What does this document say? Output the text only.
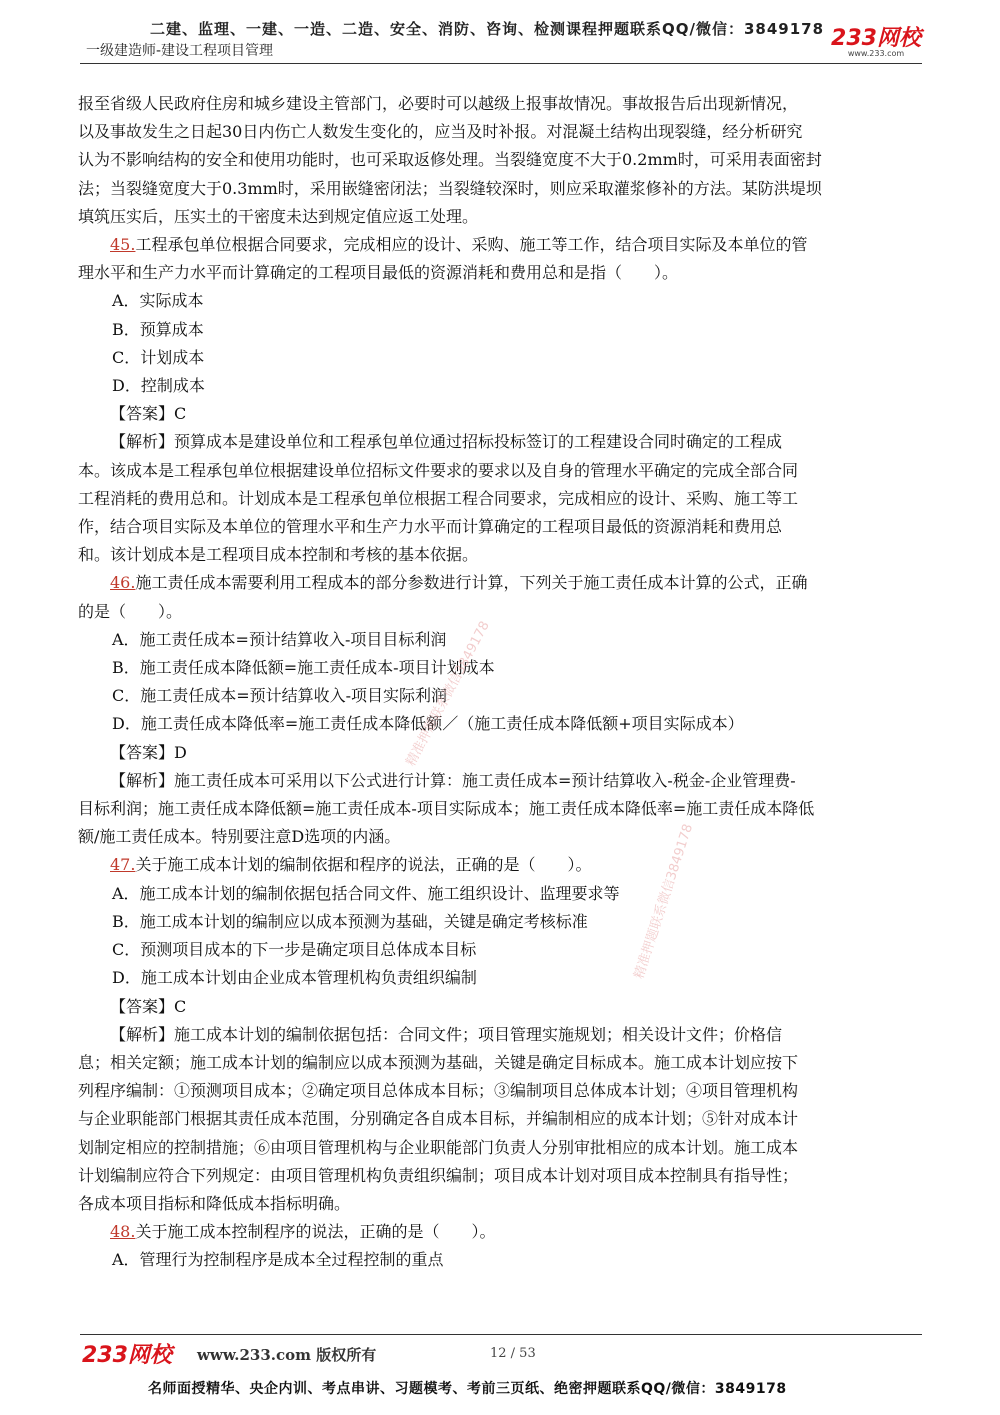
二建、监理、一建、一造、二造、安全、消防、咨询、检测课程押题联系QQ/微信：3849178
一级建造师-建设工程项目管理	233网校
www.233.com

报至省级人民政府住房和城乡建设主管部门，必要时可以越级上报事故情况。事故报告后出现新情况，

以及事故发生之日起30日内伤亡人数发生变化的，应当及时补报。对混凝土结构出现裂缝，经分析研究

认为不影响结构的安全和使用功能时，也可采取返修处理。当裂缝宽度不大于0.2mm时，可采用表面密封

法；当裂缝宽度大于0.3mm时，采用嵌缝密闭法；当裂缝较深时，则应采取灌浆修补的方法。某防洪堤坝

填筑压实后，压实土的干密度未达到规定值应返工处理。

45.工程承包单位根据合同要求，完成相应的设计、采购、施工等工作，结合项目实际及本单位的管

理水平和生产力水平而计算确定的工程项目最低的资源消耗和费用总和是指（　　）。

A．实际成本

B．预算成本

C．计划成本

D．控制成本

【答案】C

【解析】预算成本是建设单位和工程承包单位通过招标投标签订的工程建设合同时确定的工程成

本。该成本是工程承包单位根据建设单位招标文件要求的要求以及自身的管理水平确定的完成全部合同

工程消耗的费用总和。计划成本是工程承包单位根据工程合同要求，完成相应的设计、采购、施工等工

作，结合项目实际及本单位的管理水平和生产力水平而计算确定的工程项目最低的资源消耗和费用总

和。该计划成本是工程项目成本控制和考核的基本依据。

46.施工责任成本需要利用工程成本的部分参数进行计算，下列关于施工责任成本计算的公式，正确

的是（　　）。

A．施工责任成本=预计结算收入-项目目标利润

B．施工责任成本降低额=施工责任成本-项目计划成本

C．施工责任成本=预计结算收入-项目实际利润

D．施工责任成本降低率=施工责任成本降低额／（施工责任成本降低额+项目实际成本）

【答案】D

【解析】施工责任成本可采用以下公式进行计算：施工责任成本=预计结算收入-税金-企业管理费-

目标利润；施工责任成本降低额=施工责任成本-项目实际成本；施工责任成本降低率=施工责任成本降低

额/施工责任成本。特别要注意D选项的内涵。

47.关于施工成本计划的编制依据和程序的说法，正确的是（　　）。

A．施工成本计划的编制依据包括合同文件、施工组织设计、监理要求等

B．施工成本计划的编制应以成本预测为基础，关键是确定考核标准

C．预测项目成本的下一步是确定项目总体成本目标

D．施工成本计划由企业成本管理机构负责组织编制

【答案】C

【解析】施工成本计划的编制依据包括：合同文件；项目管理实施规划；相关设计文件；价格信

息；相关定额；施工成本计划的编制应以成本预测为基础，关键是确定目标成本。施工成本计划应按下

列程序编制：①预测项目成本；②确定项目总体成本目标；③编制项目总体成本计划；④项目管理机构

与企业职能部门根据其责任成本范围，分别确定各自成本目标，并编制相应的成本计划；⑤针对成本计

划制定相应的控制措施；⑥由项目管理机构与企业职能部门负责人分别审批相应的成本计划。施工成本

计划编制应符合下列规定：由项目管理机构负责组织编制；项目成本计划对项目成本控制具有指导性；

各成本项目指标和降低成本指标明确。

48.关于施工成本控制程序的说法，正确的是（　　）。

A．管理行为控制程序是成本全过程控制的重点

精准押题联系微信3849178
精准押题联系微信3849178
233网校 www.233.com 版权所有	12 / 53
名师面授精华、央企内训、考点串讲、习题模考、考前三页纸、绝密押题联系QQ/微信：3849178
